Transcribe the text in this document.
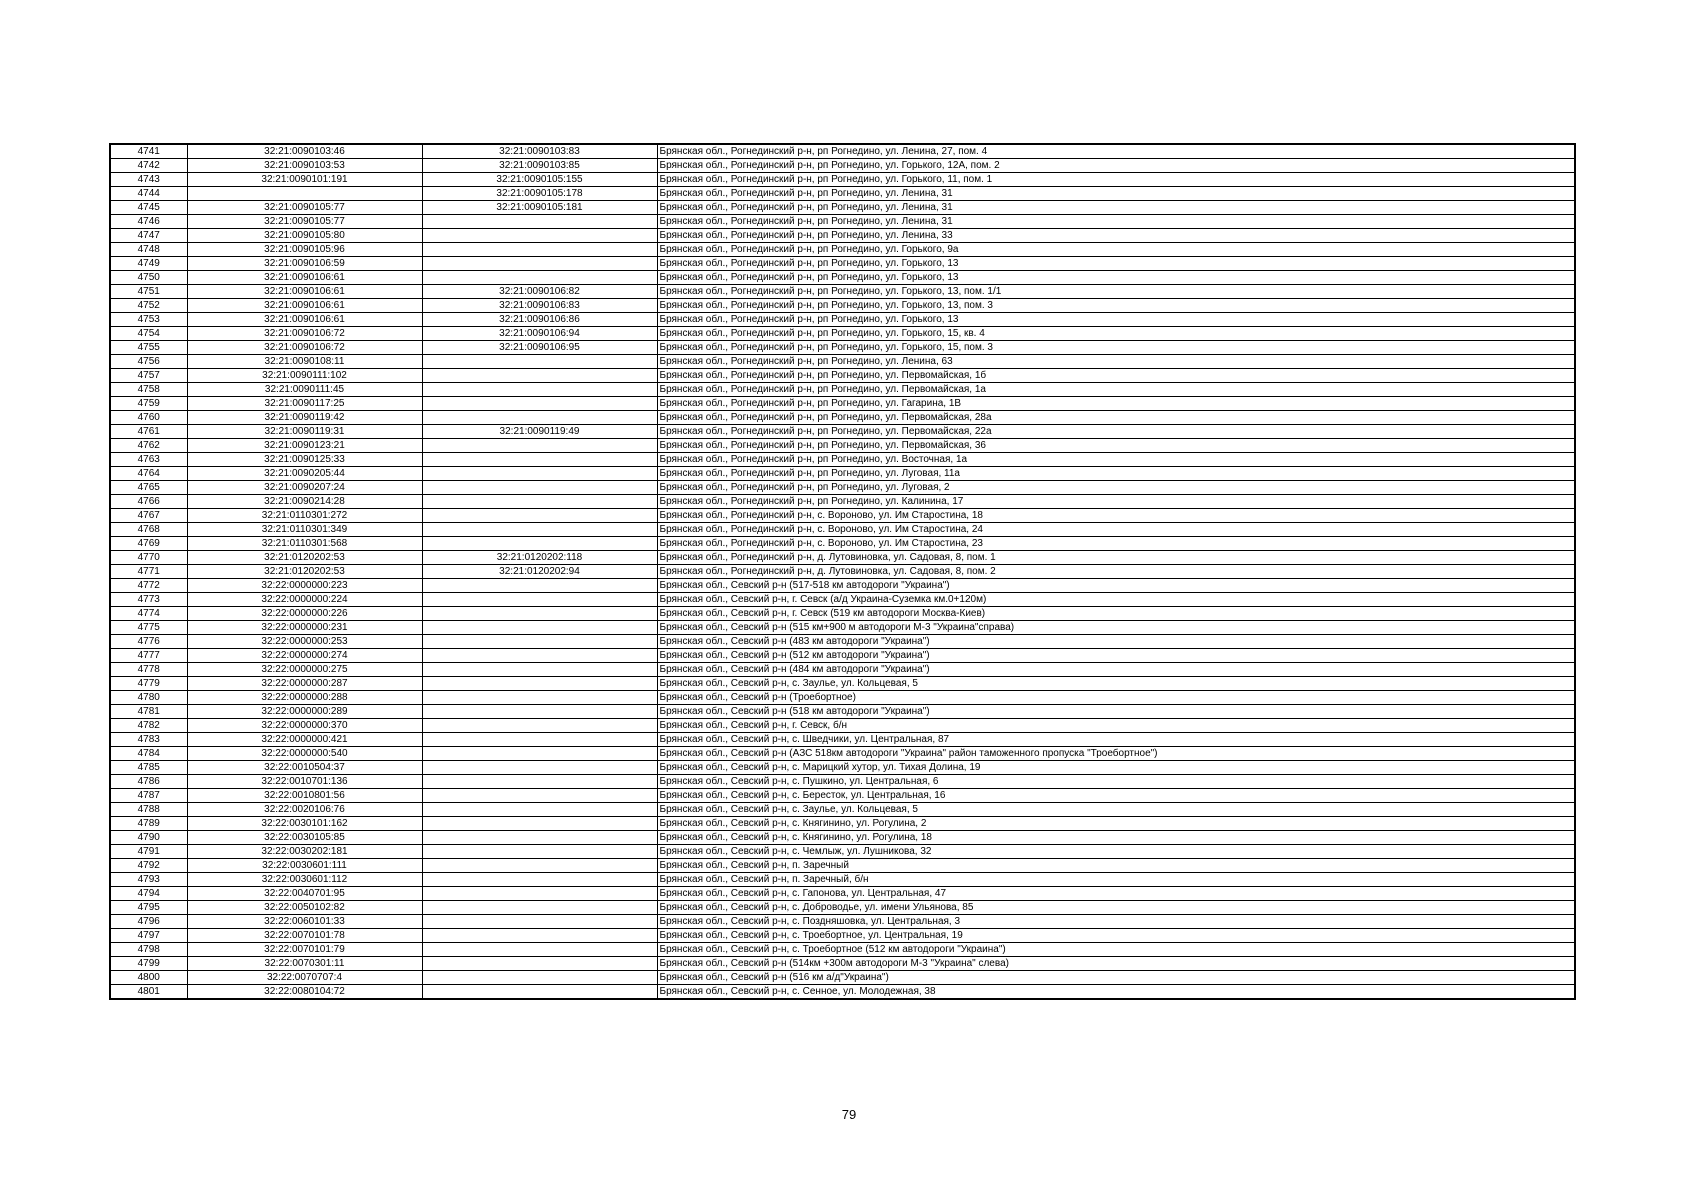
4741	32:21:0090103:46	32:21:0090103:83	Брянская обл., Рогнединский р-н, рп Рогнедино, ул. Ленина, 27, пом. 4
4742	32:21:0090103:53	32:21:0090103:85	Брянская обл., Рогнединский р-н, рп Рогнедино, ул. Горького, 12А, пом. 2
4743	32:21:0090101:191	32:21:0090105:155	Брянская обл., Рогнединский р-н, рп Рогнедино, ул. Горького, 11, пом. 1
4744		32:21:0090105:178	Брянская обл., Рогнединский р-н, рп Рогнедино, ул. Ленина, 31
4745	32:21:0090105:77	32:21:0090105:181	Брянская обл., Рогнединский р-н, рп Рогнедино, ул. Ленина, 31
4746	32:21:0090105:77		Брянская обл., Рогнединский р-н, рп Рогнедино, ул. Ленина, 31
4747	32:21:0090105:80		Брянская обл., Рогнединский р-н, рп Рогнедино, ул. Ленина, 33
4748	32:21:0090105:96		Брянская обл., Рогнединский р-н, рп Рогнедино, ул. Горького, 9а
4749	32:21:0090106:59		Брянская обл., Рогнединский р-н, рп Рогнедино, ул. Горького, 13
4750	32:21:0090106:61		Брянская обл., Рогнединский р-н, рп Рогнедино, ул. Горького, 13
4751	32:21:0090106:61	32:21:0090106:82	Брянская обл., Рогнединский р-н, рп Рогнедино, ул. Горького, 13, пом. 1/1
4752	32:21:0090106:61	32:21:0090106:83	Брянская обл., Рогнединский р-н, рп Рогнедино, ул. Горького, 13, пом. 3
4753	32:21:0090106:61	32:21:0090106:86	Брянская обл., Рогнединский р-н, рп Рогнедино, ул. Горького, 13
4754	32:21:0090106:72	32:21:0090106:94	Брянская обл., Рогнединский р-н, рп Рогнедино, ул. Горького, 15, кв. 4
4755	32:21:0090106:72	32:21:0090106:95	Брянская обл., Рогнединский р-н, рп Рогнедино, ул. Горького, 15, пом. 3
4756	32:21:0090108:11		Брянская обл., Рогнединский р-н, рп Рогнедино, ул. Ленина, 63
4757	32:21:0090111:102		Брянская обл., Рогнединский р-н, рп Рогнедино, ул. Первомайская, 1б
4758	32:21:0090111:45		Брянская обл., Рогнединский р-н, рп Рогнедино, ул. Первомайская, 1а
4759	32:21:0090117:25		Брянская обл., Рогнединский р-н, рп Рогнедино, ул. Гагарина, 1В
4760	32:21:0090119:42		Брянская обл., Рогнединский р-н, рп Рогнедино, ул. Первомайская, 28а
4761	32:21:0090119:31	32:21:0090119:49	Брянская обл., Рогнединский р-н, рп Рогнедино, ул. Первомайская, 22а
4762	32:21:0090123:21		Брянская обл., Рогнединский р-н, рп Рогнедино, ул. Первомайская, 36
4763	32:21:0090125:33		Брянская обл., Рогнединский р-н, рп Рогнедино, ул. Восточная, 1а
4764	32:21:0090205:44		Брянская обл., Рогнединский р-н, рп Рогнедино, ул. Луговая, 11а
4765	32:21:0090207:24		Брянская обл., Рогнединский р-н, рп Рогнедино, ул. Луговая, 2
4766	32:21:0090214:28		Брянская обл., Рогнединский р-н, рп Рогнедино, ул. Калинина, 17
4767	32:21:0110301:272		Брянская обл., Рогнединский р-н, с. Вороново, ул. Им Старостина, 18
4768	32:21:0110301:349		Брянская обл., Рогнединский р-н, с. Вороново, ул. Им Старостина, 24
4769	32:21:0110301:568		Брянская обл., Рогнединский р-н, с. Вороново, ул. Им Старостина, 23
4770	32:21:0120202:53	32:21:0120202:118	Брянская обл., Рогнединский р-н, д. Лутовиновка, ул. Садовая, 8, пом. 1
4771	32:21:0120202:53	32:21:0120202:94	Брянская обл., Рогнединский р-н, д. Лутовиновка, ул. Садовая, 8, пом. 2
4772	32:22:0000000:223		Брянская обл., Севский р-н (517-518 км автодороги "Украина")
4773	32:22:0000000:224		Брянская обл., Севский р-н, г. Севск (а/д Украина-Суземка км.0+120м)
4774	32:22:0000000:226		Брянская обл., Севский р-н, г. Севск (519 км автодороги Москва-Киев)
4775	32:22:0000000:231		Брянская обл., Севский р-н (515 км+900 м автодороги М-3 "Украина"справа)
4776	32:22:0000000:253		Брянская обл., Севский р-н (483 км автодороги "Украина")
4777	32:22:0000000:274		Брянская обл., Севский р-н (512 км автодороги "Украина")
4778	32:22:0000000:275		Брянская обл., Севский р-н (484 км автодороги "Украина")
4779	32:22:0000000:287		Брянская обл., Севский р-н, с. Заулье, ул. Кольцевая, 5
4780	32:22:0000000:288		Брянская обл., Севский р-н (Троебортное)
4781	32:22:0000000:289		Брянская обл., Севский р-н (518 км автодороги "Украина")
4782	32:22:0000000:370		Брянская обл., Севский р-н, г. Севск, б/н
4783	32:22:0000000:421		Брянская обл., Севский р-н, с. Шведчики, ул. Центральная, 87
4784	32:22:0000000:540		Брянская обл., Севский р-н (АЗС 518км автодороги "Украина" район таможенного пропуска "Троебортное")
4785	32:22:0010504:37		Брянская обл., Севский р-н, с. Марицкий хутор, ул. Тихая Долина, 19
4786	32:22:0010701:136		Брянская обл., Севский р-н, с. Пушкино, ул. Центральная, 6
4787	32:22:0010801:56		Брянская обл., Севский р-н, с. Бересток, ул. Центральная, 16
4788	32:22:0020106:76		Брянская обл., Севский р-н, с. Заулье, ул. Кольцевая, 5
4789	32:22:0030101:162		Брянская обл., Севский р-н, с. Княгинино, ул. Рогулина, 2
4790	32:22:0030105:85		Брянская обл., Севский р-н, с. Княгинино, ул. Рогулина, 18
4791	32:22:0030202:181		Брянская обл., Севский р-н, с. Чемлыж, ул. Лушникова, 32
4792	32:22:0030601:111		Брянская обл., Севский р-н, п. Заречный
4793	32:22:0030601:112		Брянская обл., Севский р-н, п. Заречный, б/н
4794	32:22:0040701:95		Брянская обл., Севский р-н, с. Гапонова, ул. Центральная, 47
4795	32:22:0050102:82		Брянская обл., Севский р-н, с. Доброводье, ул. имени Ульянова, 85
4796	32:22:0060101:33		Брянская обл., Севский р-н, с. Поздняшовка, ул. Центральная, 3
4797	32:22:0070101:78		Брянская обл., Севский р-н, с. Троебортное, ул. Центральная, 19
4798	32:22:0070101:79		Брянская обл., Севский р-н, с. Троебортное (512 км автодороги "Украина")
4799	32:22:0070301:11		Брянская обл., Севский р-н (514км +300м автодороги М-3 "Украина" слева)
4800	32:22:0070707:4		Брянская обл., Севский р-н (516 км а/д"Украина")
4801	32:22:0080104:72		Брянская обл., Севский р-н, с. Сенное, ул. Молодежная, 38
79
